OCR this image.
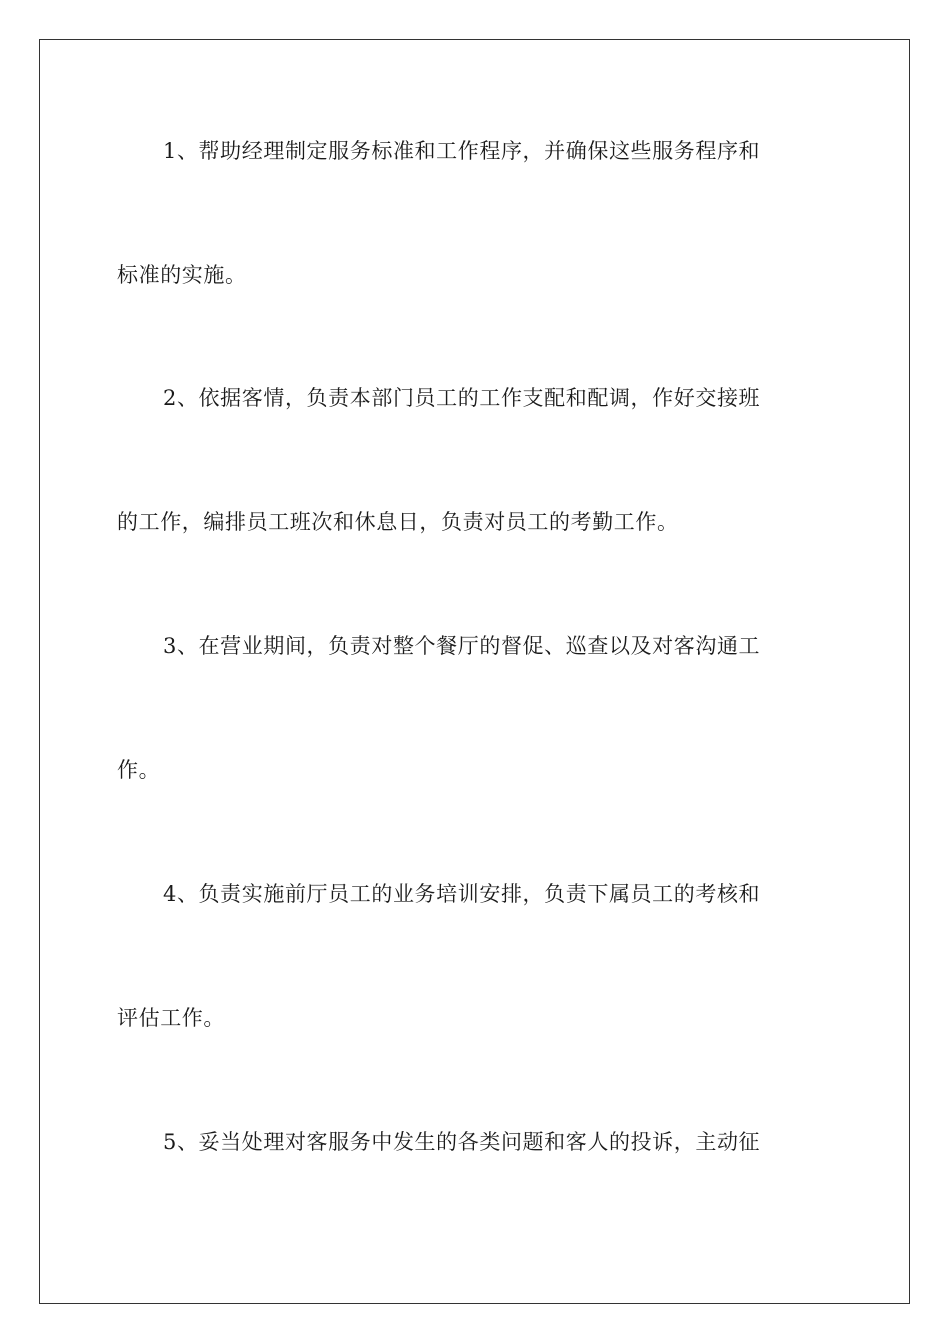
1、帮助经理制定服务标准和工作程序，并确保这些服务程序和
标准的实施。
2、依据客情，负责本部门员工的工作支配和配调，作好交接班
的工作，编排员工班次和休息日，负责对员工的考勤工作。
3、在营业期间，负责对整个餐厅的督促、巡查以及对客沟通工
作。
4、负责实施前厅员工的业务培训安排，负责下属员工的考核和
评估工作。
5、妥当处理对客服务中发生的各类问题和客人的投诉，主动征
